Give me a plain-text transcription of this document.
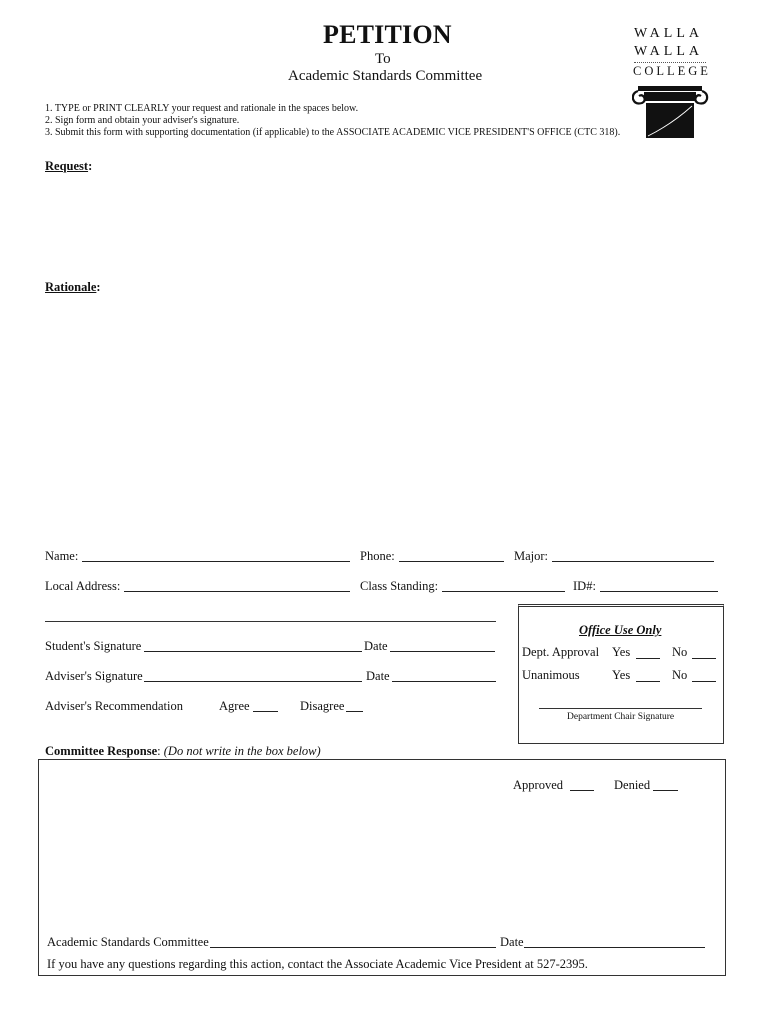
PETITION
To
Academic Standards Committee
WALLA
WALLA
COLLEGE
1. TYPE or PRINT CLEARLY your request and rationale in the spaces below.
2. Sign form and obtain your adviser's signature.
3. Submit this form with supporting documentation (if applicable) to the ASSOCIATE ACADEMIC VICE PRESIDENT'S OFFICE (CTC 318).
Request:
Rationale:
Name:	Phone:	Major:
Local Address:	Class Standing:	ID#:
Student's Signature	Date
Adviser's Signature	Date
Adviser's Recommendation	Agree	Disagree
Office Use Only
Dept. Approval Yes	No
Unanimous	Yes	No
Department Chair Signature
Committee Response: (Do not write in the box below)
Approved	Denied
Academic Standards Committee	Date
If you have any questions regarding this action, contact the Associate Academic Vice President at 527-2395.
